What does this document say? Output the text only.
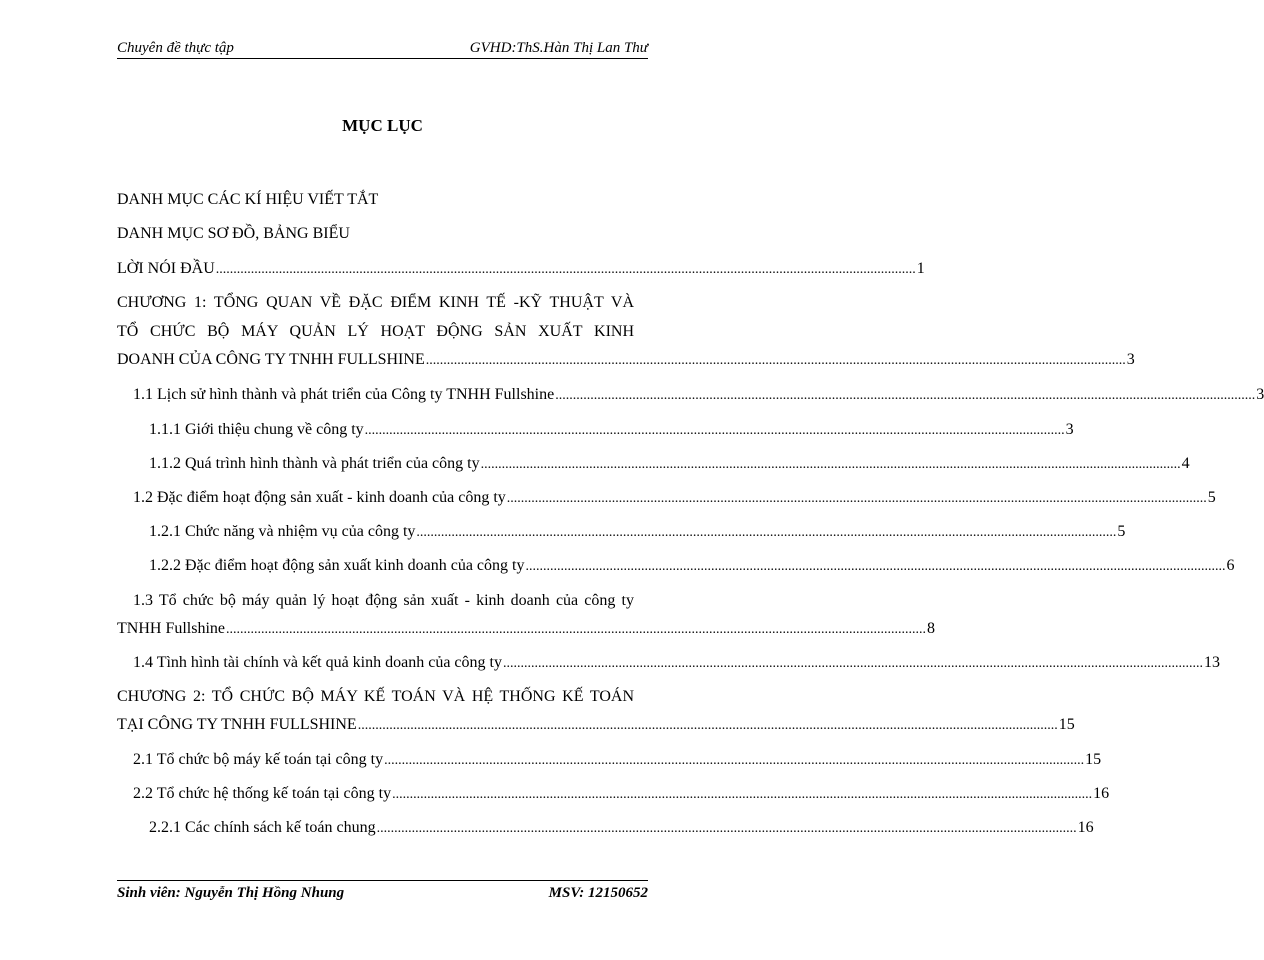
Chuyên đề thực tập	GVHD:ThS.Hàn Thị Lan Thư
MỤC LỤC
DANH MỤC CÁC KÍ HIỆU VIẾT TẮT
DANH MỤC SƠ ĐỒ, BẢNG BIỂU
LỜI NÓI ĐẦU ........................................................................................................................................................................................................ 1
CHƯƠNG 1: TỔNG QUAN VỀ ĐẶC ĐIỂM KINH TẾ -KỸ THUẬT VÀ
TỔ CHỨC BỘ MÁY QUẢN LÝ HOẠT ĐỘNG SẢN XUẤT KINH
DOANH CỦA CÔNG TY TNHH FULLSHINE ........................................................................................................................................................................................................ 3
1.1 Lịch sử hình thành và phát triển của Công ty TNHH Fullshine ........................................................................................................................................................................................................ 3
1.1.1 Giới thiệu chung về công ty ........................................................................................................................................................................................................ 3
1.1.2 Quá trình hình thành và phát triển của công ty ........................................................................................................................................................................................................ 4
1.2 Đặc điểm hoạt động sản xuất - kinh doanh của công ty ........................................................................................................................................................................................................ 5
1.2.1 Chức năng và nhiệm vụ của công ty ........................................................................................................................................................................................................ 5
1.2.2 Đặc điểm hoạt động sản xuất kinh doanh của công ty ........................................................................................................................................................................................................ 6
1.3 Tổ chức bộ máy quản lý hoạt động sản xuất - kinh doanh của công ty
TNHH Fullshine ........................................................................................................................................................................................................ 8
1.4 Tình hình tài chính và kết quả kinh doanh của công ty ........................................................................................................................................................................................................ 13
CHƯƠNG 2: TỔ CHỨC BỘ MÁY KẾ TOÁN VÀ HỆ THỐNG KẾ TOÁN
TẠI CÔNG TY TNHH FULLSHINE ........................................................................................................................................................................................................ 15
2.1 Tổ chức bộ máy kế toán tại công ty ........................................................................................................................................................................................................ 15
2.2 Tổ chức hệ thống kế toán tại công ty ........................................................................................................................................................................................................ 16
2.2.1 Các chính sách kế toán chung ........................................................................................................................................................................................................ 16
Sinh viên: Nguyễn Thị Hồng Nhung	MSV: 12150652
